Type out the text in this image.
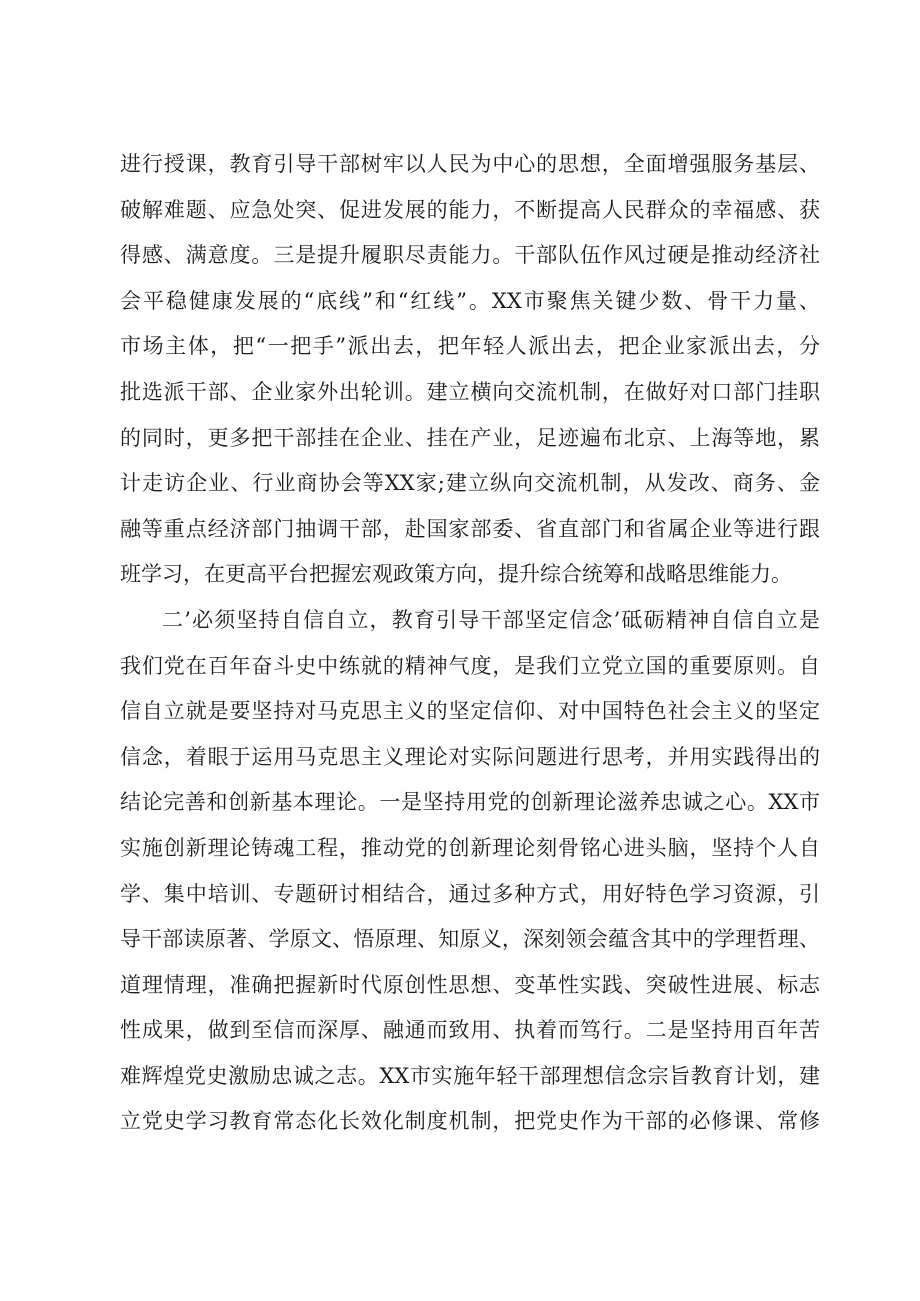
进行授课，教育引导干部树牢以人民为中心的思想，全面增强服务基层、
破解难题、应急处突、促进发展的能力，不断提高人民群众的幸福感、获
得感、满意度。三是提升履职尽责能力。干部队伍作风过硬是推动经济社
会平稳健康发展的“底线”和“红线”。XX市聚焦关键少数、骨干力量、
市场主体，把“一把手”派出去，把年轻人派出去，把企业家派出去，分
批选派干部、企业家外出轮训。建立横向交流机制，在做好对口部门挂职
的同时，更多把干部挂在企业、挂在产业，足迹遍布北京、上海等地，累
计走访企业、行业商协会等XX家;建立纵向交流机制，从发改、商务、金
融等重点经济部门抽调干部，赴国家部委、省直部门和省属企业等进行跟
班学习，在更高平台把握宏观政策方向，提升综合统筹和战略思维能力。
二’必须坚持自信自立，教育引导干部坚定信念’砥砺精神自信自立是
我们党在百年奋斗史中练就的精神气度，是我们立党立国的重要原则。自
信自立就是要坚持对马克思主义的坚定信仰、对中国特色社会主义的坚定
信念，着眼于运用马克思主义理论对实际问题进行思考，并用实践得出的
结论完善和创新基本理论。一是坚持用党的创新理论滋养忠诚之心。XX市
实施创新理论铸魂工程，推动党的创新理论刻骨铭心进头脑，坚持个人自
学、集中培训、专题研讨相结合，通过多种方式，用好特色学习资源，引
导干部读原著、学原文、悟原理、知原义，深刻领会蕴含其中的学理哲理、
道理情理，准确把握新时代原创性思想、变革性实践、突破性进展、标志
性成果，做到至信而深厚、融通而致用、执着而笃行。二是坚持用百年苦
难辉煌党史激励忠诚之志。XX市实施年轻干部理想信念宗旨教育计划，建
立党史学习教育常态化长效化制度机制，把党史作为干部的必修课、常修
